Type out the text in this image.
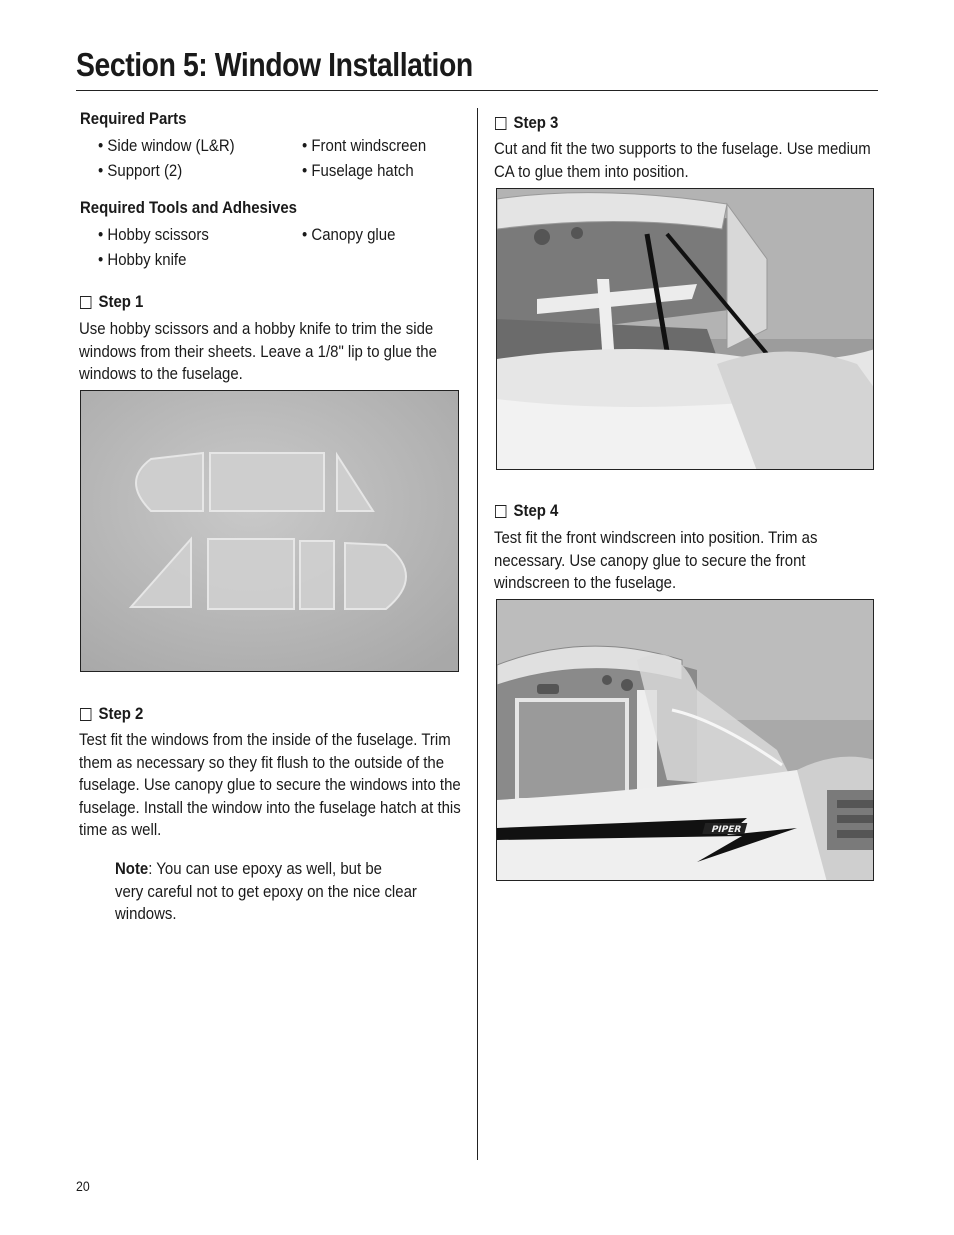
Section 5: Window Installation
Required Parts
• Side window (L&R)	• Front windscreen
• Support (2)	• Fuselage hatch
Required Tools and Adhesives
• Hobby scissors	• Canopy glue
• Hobby knife
Step 1
Use hobby scissors and a hobby knife to trim the side
windows from their sheets. Leave a 1/8" lip to glue the
windows to the fuselage.
Step 2
Test fit the windows from the inside of the fuselage. Trim
them as necessary so they fit flush to the outside of the
fuselage. Use canopy glue to secure the windows into the
fuselage. Install the window into the fuselage hatch at this
time as well.
Note: You can use epoxy as well, but be
very careful not to get epoxy on the nice clear
windows.
Step 3
Cut and fit the two supports to the fuselage. Use medium
CA to glue them into position.
Step 4
Test fit the front windscreen into position. Trim as
necessary. Use canopy glue to secure the front
windscreen to the fuselage.
PIPER
20
